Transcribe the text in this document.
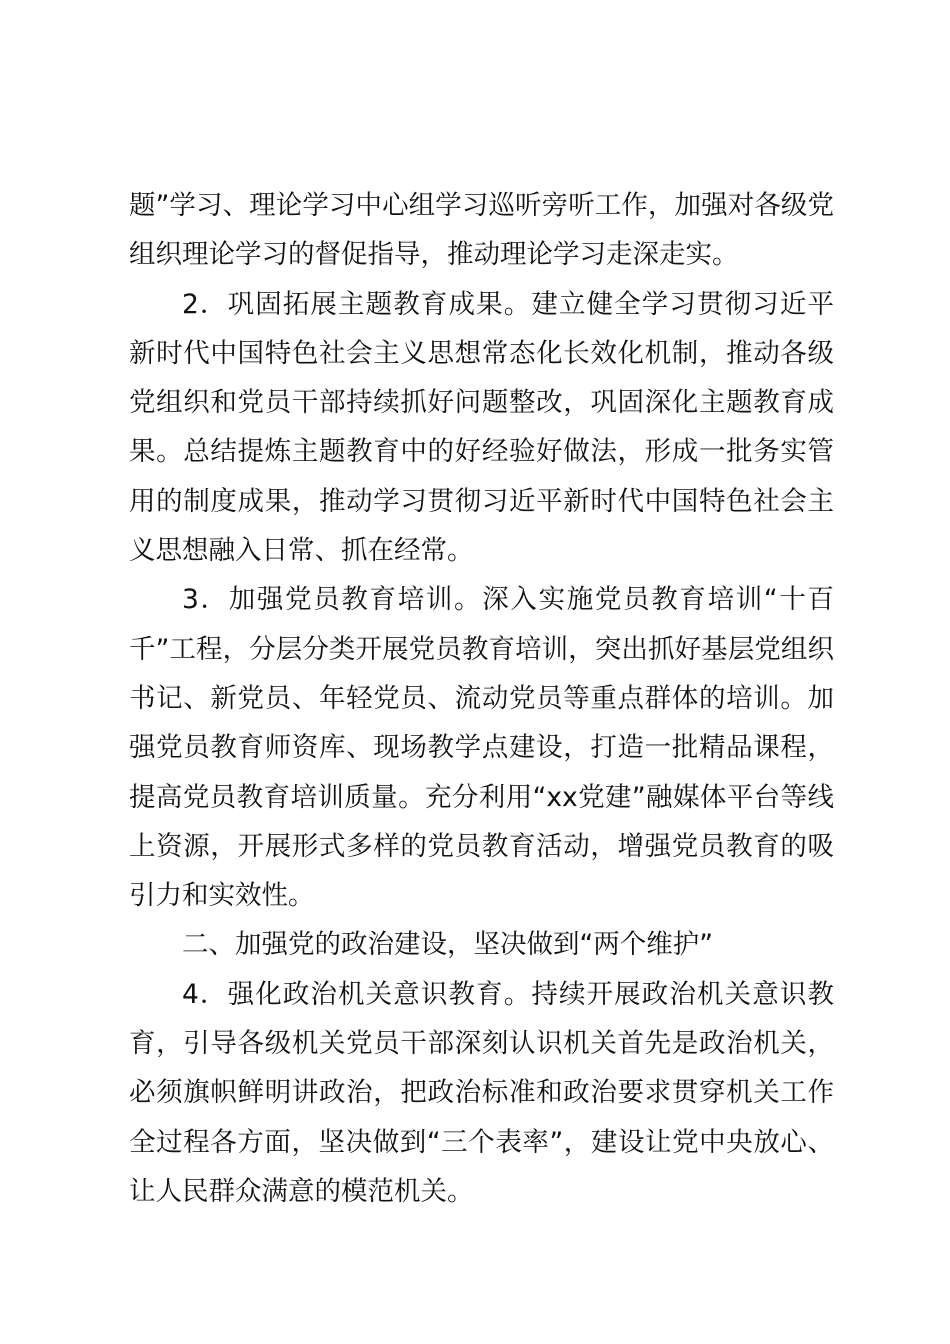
题”学习、理论学习中心组学习巡听旁听工作，加强对各级党组织理论学习的督促指导，推动理论学习走深走实。

2．巩固拓展主题教育成果。建立健全学习贯彻习近平新时代中国特色社会主义思想常态化长效化机制，推动各级党组织和党员干部持续抓好问题整改，巩固深化主题教育成果。总结提炼主题教育中的好经验好做法，形成一批务实管用的制度成果，推动学习贯彻习近平新时代中国特色社会主义思想融入日常、抓在经常。

3．加强党员教育培训。深入实施党员教育培训“十百千”工程，分层分类开展党员教育培训，突出抓好基层党组织书记、新党员、年轻党员、流动党员等重点群体的培训。加强党员教育师资库、现场教学点建设，打造一批精品课程，提高党员教育培训质量。充分利用“xx党建”融媒体平台等线上资源，开展形式多样的党员教育活动，增强党员教育的吸引力和实效性。

二、加强党的政治建设，坚决做到“两个维护”

4．强化政治机关意识教育。持续开展政治机关意识教育，引导各级机关党员干部深刻认识机关首先是政治机关，必须旗帜鲜明讲政治，把政治标准和政治要求贯穿机关工作全过程各方面，坚决做到“三个表率”，建设让党中央放心、让人民群众满意的模范机关。
